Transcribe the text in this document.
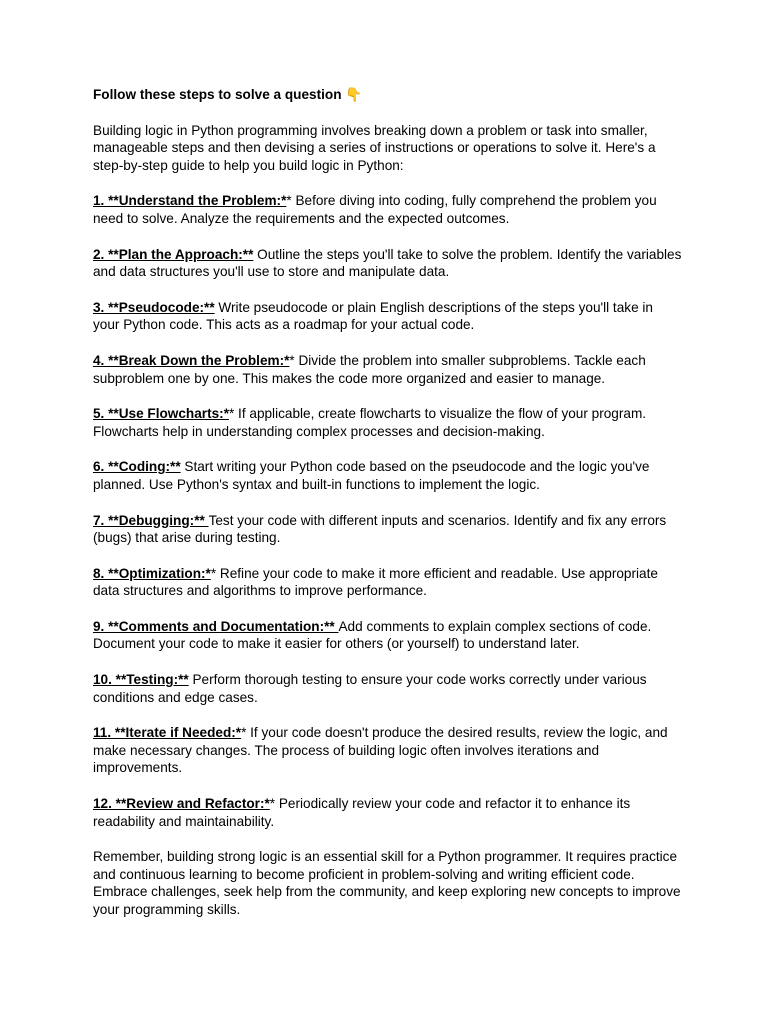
Follow these steps to solve a question 👇
Building logic in Python programming involves breaking down a problem or task into smaller, manageable steps and then devising a series of instructions or operations to solve it. Here's a step-by-step guide to help you build logic in Python:
1. **Understand the Problem:** Before diving into coding, fully comprehend the problem you need to solve. Analyze the requirements and the expected outcomes.
2. **Plan the Approach:** Outline the steps you'll take to solve the problem. Identify the variables and data structures you'll use to store and manipulate data.
3. **Pseudocode:** Write pseudocode or plain English descriptions of the steps you'll take in your Python code. This acts as a roadmap for your actual code.
4. **Break Down the Problem:** Divide the problem into smaller subproblems. Tackle each subproblem one by one. This makes the code more organized and easier to manage.
5. **Use Flowcharts:** If applicable, create flowcharts to visualize the flow of your program. Flowcharts help in understanding complex processes and decision-making.
6. **Coding:** Start writing your Python code based on the pseudocode and the logic you've planned. Use Python's syntax and built-in functions to implement the logic.
7. **Debugging:** Test your code with different inputs and scenarios. Identify and fix any errors (bugs) that arise during testing.
8. **Optimization:** Refine your code to make it more efficient and readable. Use appropriate data structures and algorithms to improve performance.
9. **Comments and Documentation:** Add comments to explain complex sections of code. Document your code to make it easier for others (or yourself) to understand later.
10. **Testing:** Perform thorough testing to ensure your code works correctly under various conditions and edge cases.
11. **Iterate if Needed:** If your code doesn't produce the desired results, review the logic, and make necessary changes. The process of building logic often involves iterations and improvements.
12. **Review and Refactor:** Periodically review your code and refactor it to enhance its readability and maintainability.
Remember, building strong logic is an essential skill for a Python programmer. It requires practice and continuous learning to become proficient in problem-solving and writing efficient code. Embrace challenges, seek help from the community, and keep exploring new concepts to improve your programming skills.
